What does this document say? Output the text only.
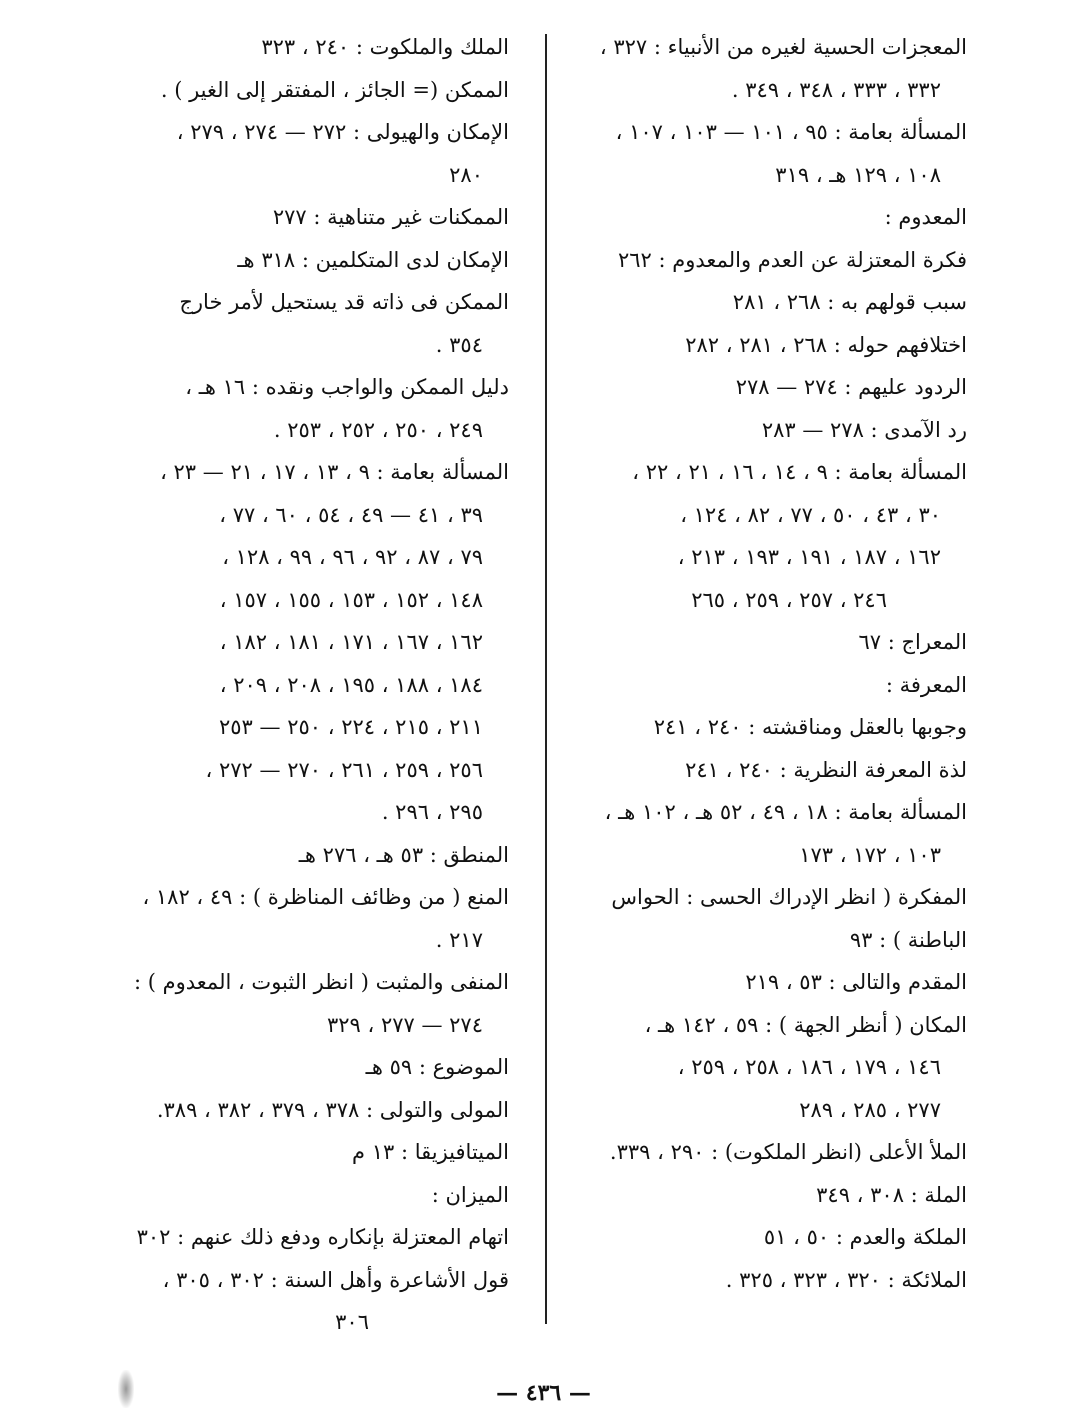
المعجزات الحسية لغيره من الأنبياء : ٣٢٧ ،
٣٣٢ ، ٣٣٣ ، ٣٤٨ ، ٣٤٩ .
المسألة بعامة : ٩٥ ، ١٠١ — ١٠٣ ، ١٠٧ ،
١٠٨ ، ١٢٩ هـ ، ٣١٩
المعدوم :
فكرة المعتزلة عن العدم والمعدوم : ٢٦٢
سبب قولهم به : ٢٦٨ ، ٢٨١
اختلافهم حوله : ٢٦٨ ، ٢٨١ ، ٢٨٢
الردود عليهم : ٢٧٤ — ٢٧٨
رد الآمدى : ٢٧٨ — ٢٨٣
المسألة بعامة : ٩ ، ١٤ ، ١٦ ، ٢١ ، ٢٢ ،
٣٠ ، ٤٣ ، ٥٠ ، ٧٧ ، ٨٢ ، ١٢٤ ،
١٦٢ ، ١٨٧ ، ١٩١ ، ١٩٣ ، ٢١٣ ،
٢٤٦ ، ٢٥٧ ، ٢٥٩ ، ٢٦٥
المعراج : ٦٧
المعرفة :
وجوبها بالعقل ومناقشته : ٢٤٠ ، ٢٤١
لذة المعرفة النظرية : ٢٤٠ ، ٢٤١
المسألة بعامة : ١٨ ، ٤٩ ، ٥٢ هـ ، ١٠٢ هـ ،
١٠٣ ، ١٧٢ ، ١٧٣
المفكرة ( انظر الإدراك الحسى : الحواس
الباطنة ) : ٩٣
المقدم والتالى : ٥٣ ، ٢١٩
المكان ( أنظر الجهة ) : ٥٩ ، ١٤٢ هـ ،
١٤٦ ، ١٧٩ ، ١٨٦ ، ٢٥٨ ، ٢٥٩ ،
٢٧٧ ، ٢٨٥ ، ٢٨٩
الملأ الأعلى (انظر الملكوت) : ٢٩٠ ، ٣٣٩.
الملة : ٣٠٨ ، ٣٤٩
الملكة والعدم : ٥٠ ، ٥١
الملائكة : ٣٢٠ ، ٣٢٣ ، ٣٢٥ .
الملك والملكوت : ٢٤٠ ، ٣٢٣
الممكن (= الجائز ، المفتقر إلى الغير ) .
الإمكان والهيولى : ٢٧٢ — ٢٧٤ ، ٢٧٩ ،
٢٨٠
الممكنات غير متناهية : ٢٧٧
الإمكان لدى المتكلمين : ٣١٨ هـ
الممكن فى ذاته قد يستحيل لأمر خارج
٣٥٤ .
دليل الممكن والواجب ونقده : ١٦ هـ ،
٢٤٩ ، ٢٥٠ ، ٢٥٢ ، ٢٥٣ .
المسألة بعامة : ٩ ، ١٣ ، ١٧ ، ٢١ — ٢٣ ،
٣٩ ، ٤١ — ٤٩ ، ٥٤ ، ٦٠ ، ٧٧ ،
٧٩ ، ٨٧ ، ٩٢ ، ٩٦ ، ٩٩ ، ١٢٨ ،
١٤٨ ، ١٥٢ ، ١٥٣ ، ١٥٥ ، ١٥٧ ،
١٦٢ ، ١٦٧ ، ١٧١ ، ١٨١ ، ١٨٢ ،
١٨٤ ، ١٨٨ ، ١٩٥ ، ٢٠٨ ، ٢٠٩ ،
٢١١ ، ٢١٥ ، ٢٢٤ ، ٢٥٠ — ٢٥٣
٢٥٦ ، ٢٥٩ ، ٢٦١ ، ٢٧٠ — ٢٧٢ ،
٢٩٥ ، ٢٩٦ .
المنطق : ٥٣ هـ ، ٢٧٦ هـ
المنع ( من وظائف المناظرة ) : ٤٩ ، ١٨٢ ،
٢١٧ .
المنفى والمثبت ( انظر الثبوت ، المعدوم ) :
٢٧٤ — ٢٧٧ ، ٣٢٩
الموضوع : ٥٩ هـ
المولى والتولى : ٣٧٨ ، ٣٧٩ ، ٣٨٢ ، ٣٨٩.
الميتافيزيقا : ١٣ م
الميزان :
اتهام المعتزلة بإنكاره ودفع ذلك عنهم : ٣٠٢
قول الأشاعرة وأهل السنة : ٣٠٢ ، ٣٠٥ ،
٣٠٦
— ٤٣٦ —
